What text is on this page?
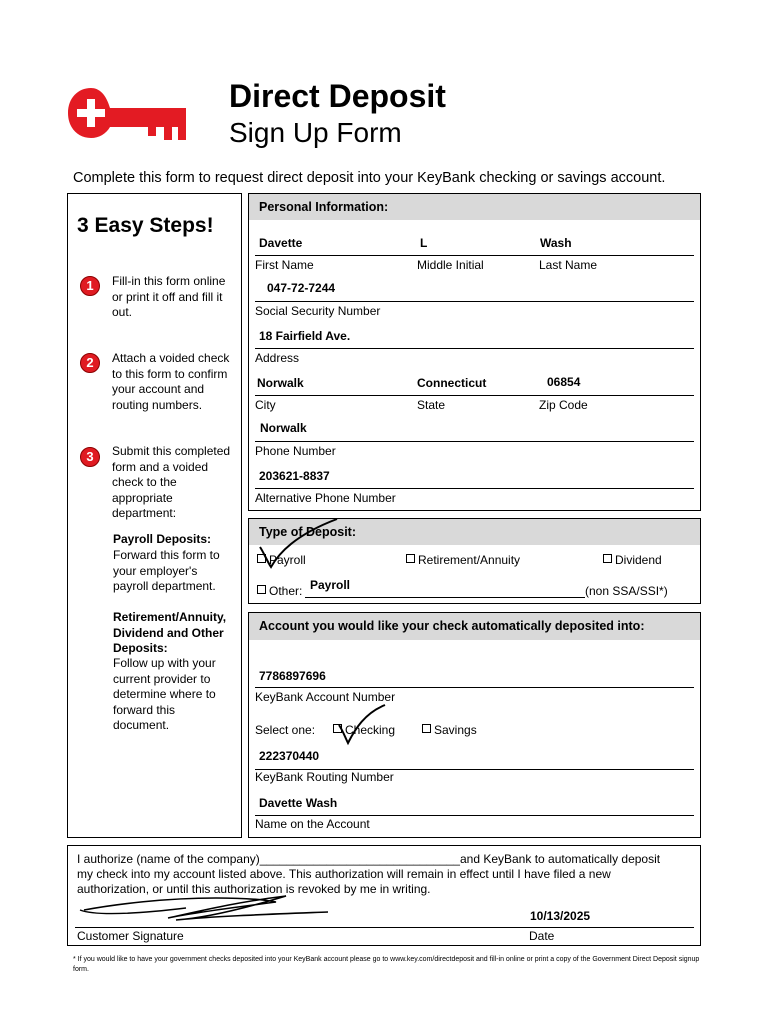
Direct Deposit
Sign Up Form
Complete this form to request direct deposit into your KeyBank checking or savings account.
3 Easy Steps!
1	Fill-in this form online or print it off and fill it out.
2	Attach a voided check to this form to confirm your account and routing numbers.
3	Submit this completed form and a voided check to the appropriate department:
Payroll Deposits:
Forward this form to your employer's payroll department.
Retirement/Annuity, Dividend and Other Deposits:
Follow up with your current provider to determine where to forward this document.
Personal Information:
Davette	L	Wash
First Name	Middle Initial	Last Name
047-72-7244
Social Security Number
18 Fairfield Ave.
Address
Norwalk	Connecticut	06854
City	State	Zip Code
Norwalk
Phone Number
203621-8837
Alternative Phone Number
Type of Deposit:
Payroll	Retirement/Annuity	Dividend
Other: Payroll	(non SSA/SSI*)
Account you would like your check automatically deposited into:
7786897696
KeyBank Account Number
Select one:	Checking	Savings
222370440
KeyBank Routing Number
Davette Wash
Name on the Account
I authorize (name of the company)______________________________and KeyBank to automatically deposit
my check into my account listed above. This authorization will remain in effect until I have filed a new
authorization, or until this authorization is revoked by me in writing.
10/13/2025
Customer Signature	Date
* If you would like to have your government checks deposited into your KeyBank account please go to www.key.com/directdeposit and fill-in online or print a copy of the Government Direct Deposit signup form.
